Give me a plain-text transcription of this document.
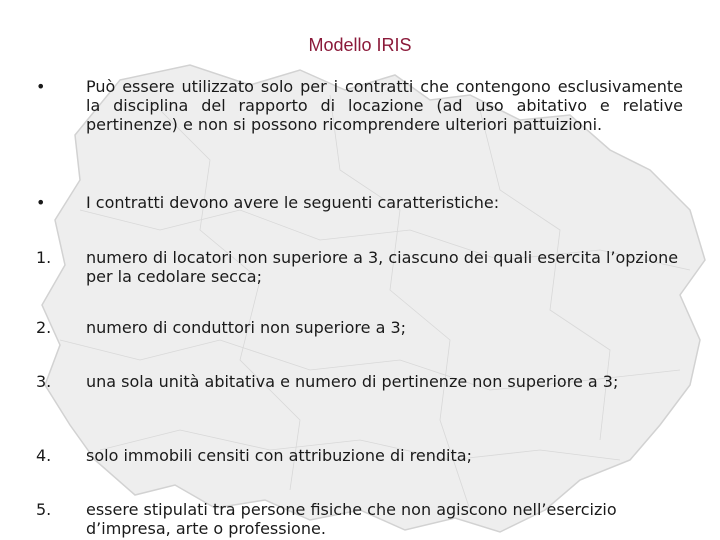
Modello IRIS
•	Può essere utilizzato solo per i contratti che contengono esclusivamente la disciplina del rapporto di locazione (ad uso abitativo e relative pertinenze) e non si possono ricomprendere ulteriori pattuizioni.
•	I contratti devono avere le seguenti caratteristiche:
1. numero di locatori non superiore a 3, ciascuno dei quali esercita l’opzione per la cedolare secca;
2. numero di conduttori non superiore a 3;
3. una sola unità abitativa e numero di pertinenze non superiore a 3;
4. solo immobili censiti con attribuzione di rendita;
5. essere stipulati tra persone fisiche che non agiscono nell’esercizio d’impresa, arte o professione.
